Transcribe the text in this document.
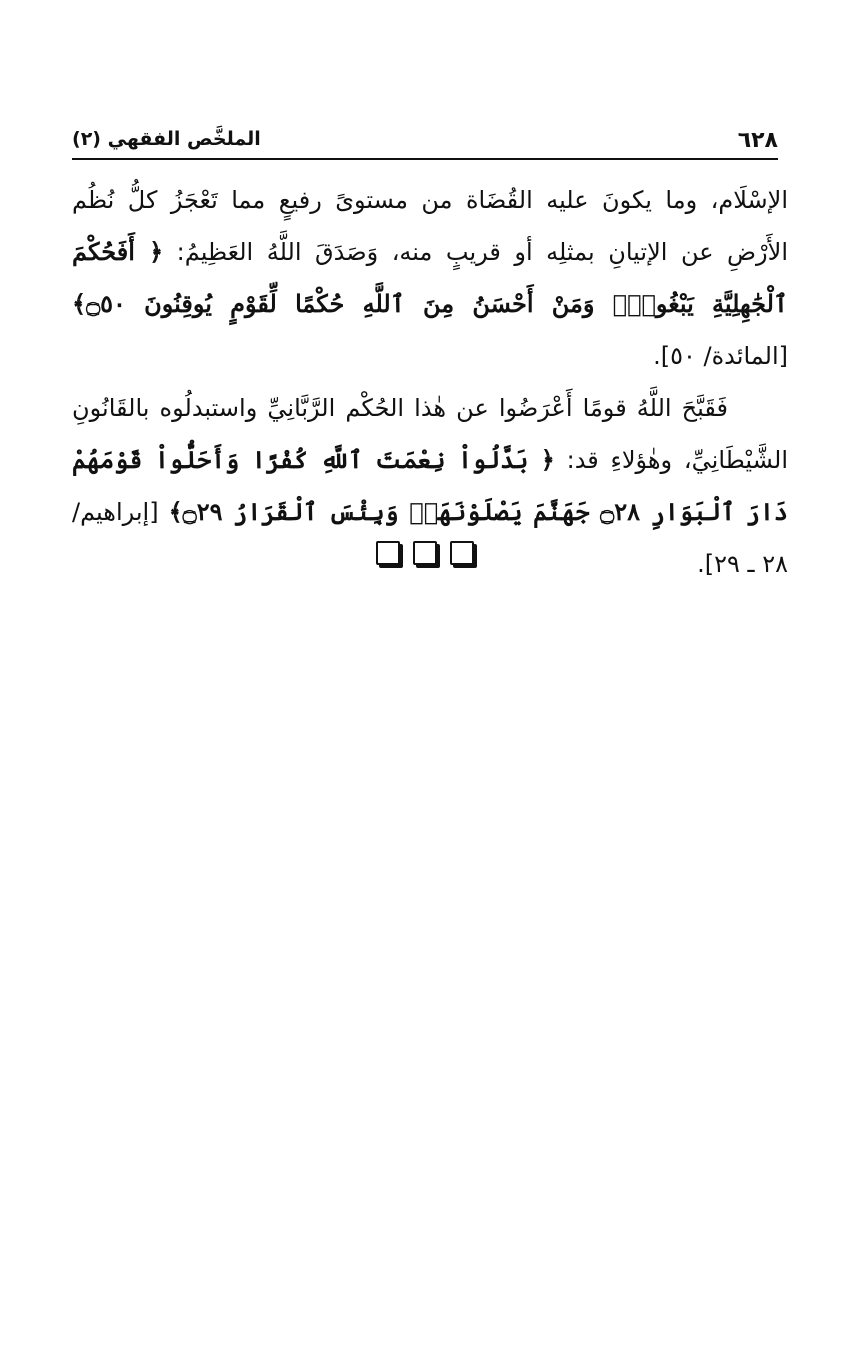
٦٢٨
الملخَّص الفقهي (٢)

الإسْلَام، وما يكونَ عليه القُضَاة من مستوىً رفيعٍ مما تَعْجَزُ كلُّ نُظُم الأَرْضِ عن الإتيانِ بمثلِه أو قريبٍ منه، وَصَدَقَ اللَّهُ العَظِيمُ: ﴿ أَفَحُكْمَ ٱلْجَٰهِلِيَّةِ يَبْغُونَۚ وَمَنْ أَحْسَنُ مِنَ ٱللَّهِ حُكْمًا لِّقَوْمٍ يُوقِنُونَ ۝٥٠﴾ [المائدة/ ٥٠].

فَقَبَّحَ اللَّهُ قومًا أَعْرَضُوا عن هٰذا الحُكْم الرَّبَّانِيِّ واستبدلُوه بالقَانُونِ الشَّيْطَانِيِّ، وهٰؤلاءِ قد: ﴿ بَدَّلُواْ نِعْمَتَ ٱللَّهِ كُفْرًا وَأَحَلُّواْ قَوْمَهُمْ دَارَ ٱلْبَوَارِ ۝٢٨ جَهَنَّمَ يَصْلَوْنَهَاۖ وَبِئْسَ ٱلْقَرَارُ ۝٢٩﴾ [إبراهيم/ ٢٨ ـ ٢٩].
